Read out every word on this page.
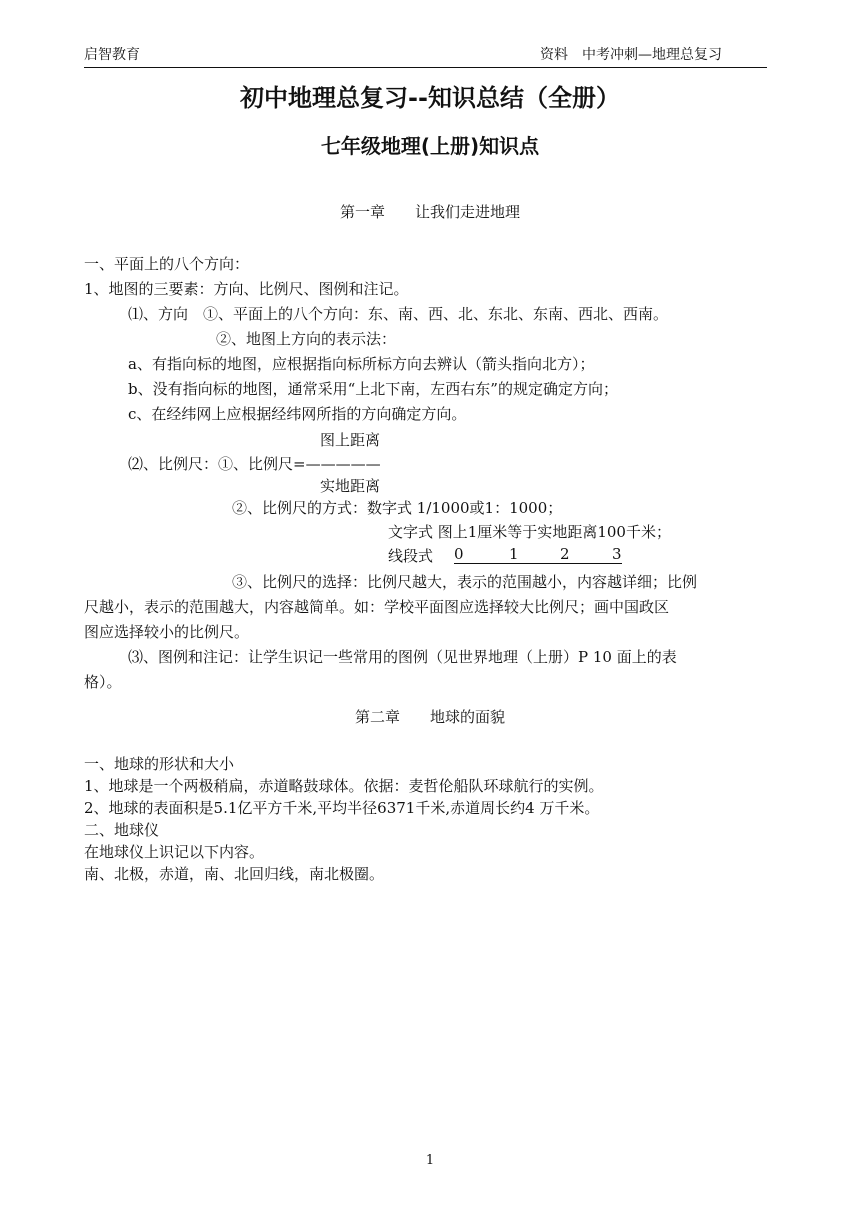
启智教育	资料 中考冲刺—地理总复习
初中地理总复习--知识总结（全册）
七年级地理(上册)知识点
第一章　　让我们走进地理
一、平面上的八个方向：
1、地图的三要素：方向、比例尺、图例和注记。
⑴、方向　①、平面上的八个方向：东、南、西、北、东北、东南、西北、西南。
②、地图上方向的表示法：
a、有指向标的地图，应根据指向标所标方向去辨认（箭头指向北方）；
b、没有指向标的地图，通常采用“上北下南，左西右东”的规定确定方向；
c、在经纬网上应根据经纬网所指的方向确定方向。
图上距离
⑵、比例尺：①、比例尺=—————
实地距离
②、比例尺的方式：数字式 1/1000或1：1000；
文字式 图上1厘米等于实地距离100千米；
线段式 0	1	2	3
③、比例尺的选择：比例尺越大，表示的范围越小，内容越详细；比例
尺越小，表示的范围越大，内容越简单。如：学校平面图应选择较大比例尺；画中国政区
图应选择较小的比例尺。
⑶、图例和注记：让学生识记一些常用的图例（见世界地理（上册）P 10 面上的表
格）。
第二章　　地球的面貌
一、地球的形状和大小
1、地球是一个两极稍扁，赤道略鼓球体。依据：麦哲伦船队环球航行的实例。
2、地球的表面积是5.1亿平方千米,平均半径6371千米,赤道周长约4 万千米。
二、地球仪
在地球仪上识记以下内容。
南、北极，赤道，南、北回归线，南北极圈。
1
